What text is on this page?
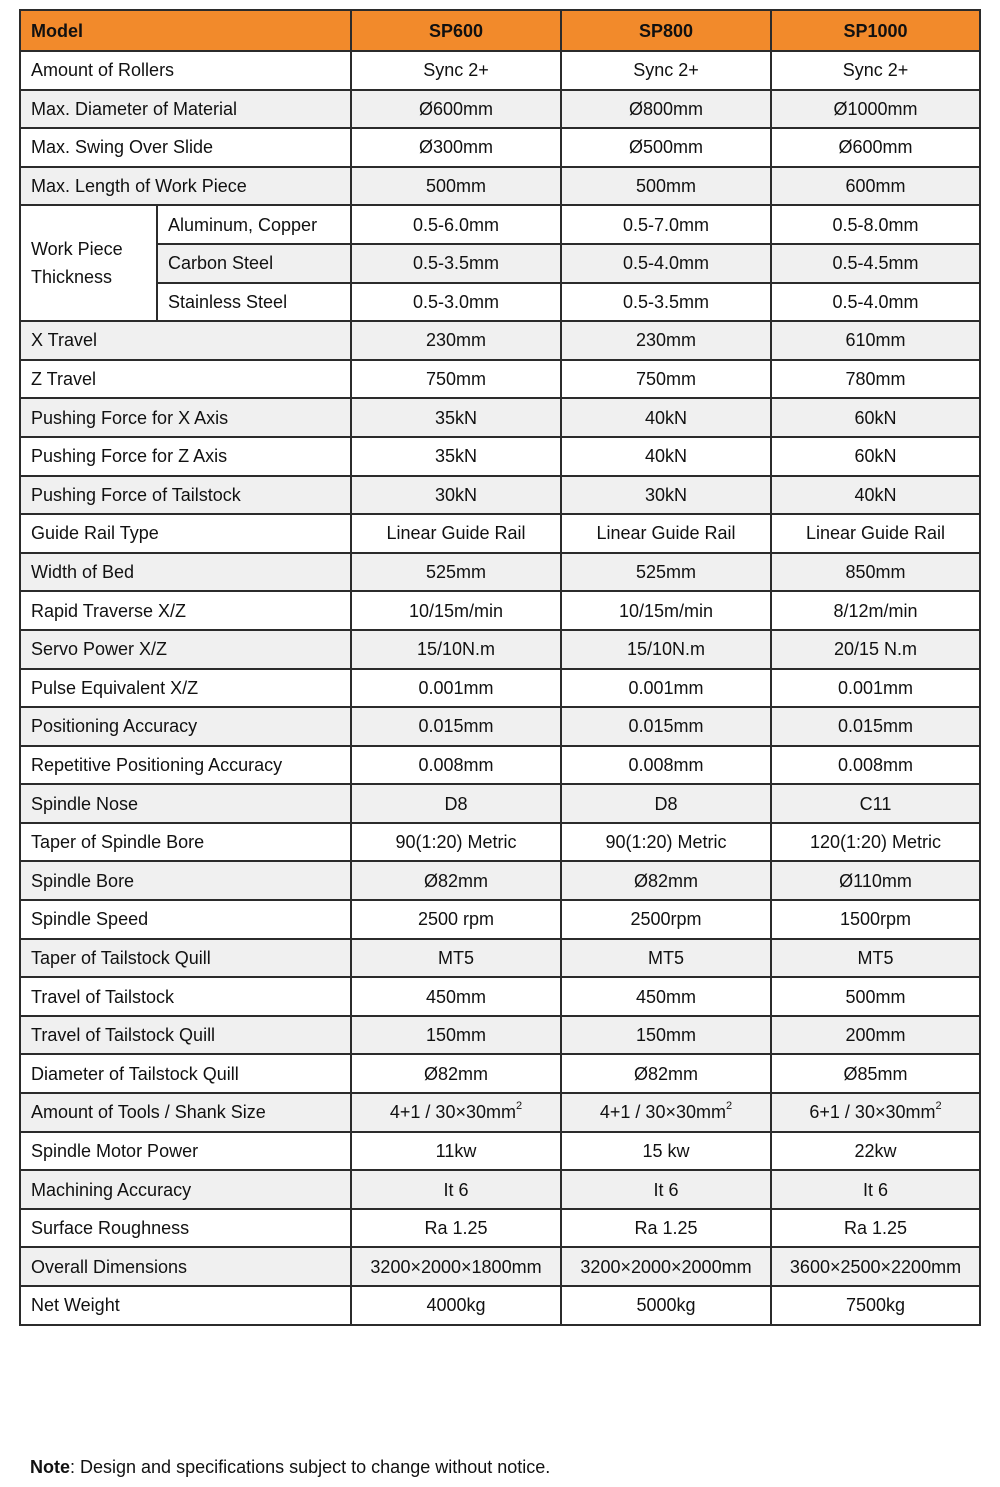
Model		SP600	SP800	SP1000
Amount of Rollers		Sync 2+	Sync 2+	Sync 2+
Max. Diameter of Material		Ø600mm	Ø800mm	Ø1000mm
Max. Swing Over Slide		Ø300mm	Ø500mm	Ø600mm
Max. Length of Work Piece		500mm	500mm	600mm

Work Piece
Thickness	Aluminum, Copper	0.5-6.0mm	0.5-7.0mm	0.5-8.0mm
	Carbon Steel	0.5-3.5mm	0.5-4.0mm	0.5-4.5mm
	Stainless Steel	0.5-3.0mm	0.5-3.5mm	0.5-4.0mm
X Travel		230mm	230mm	610mm
Z Travel		750mm	750mm	780mm
Pushing Force for X Axis		35kN	40kN	60kN
Pushing Force for Z Axis		35kN	40kN	60kN
Pushing Force of Tailstock		30kN	30kN	40kN
Guide Rail Type		Linear Guide Rail	Linear Guide Rail	Linear Guide Rail
Width of Bed		525mm	525mm	850mm
Rapid Traverse X/Z		10/15m/min	10/15m/min	8/12m/min
Servo Power X/Z		15/10N.m	15/10N.m	20/15 N.m
Pulse Equivalent X/Z		0.001mm	0.001mm	0.001mm
Positioning Accuracy		0.015mm	0.015mm	0.015mm
Repetitive Positioning Accuracy		0.008mm	0.008mm	0.008mm
Spindle Nose		D8	D8	C11
Taper of Spindle Bore		90(1:20) Metric	90(1:20) Metric	120(1:20) Metric
Spindle Bore		Ø82mm	Ø82mm	Ø110mm
Spindle Speed		2500 rpm	2500rpm	1500rpm
Taper of Tailstock Quill		MT5	MT5	MT5
Travel of Tailstock		450mm	450mm	500mm
Travel of Tailstock Quill		150mm	150mm	200mm
Diameter of Tailstock Quill		Ø82mm	Ø82mm	Ø85mm
Amount of Tools / Shank Size		$4+1 / 30\times 30mm^2$	$4+1 / 30\times 30mm^2$	$6+1 / 30\times 30mm^2$
Spindle Motor Power		11kw	15 kw	22kw
Machining Accuracy		It 6	It 6	It 6
Surface Roughness		Ra 1.25	Ra 1.25	Ra 1.25
Overall Dimensions		3200×2000×1800mm	3200×2000×2000mm	3600×2500×2200mm
Net Weight		4000kg	5000kg	7500kg
Note: Design and specifications subject to change without notice.
